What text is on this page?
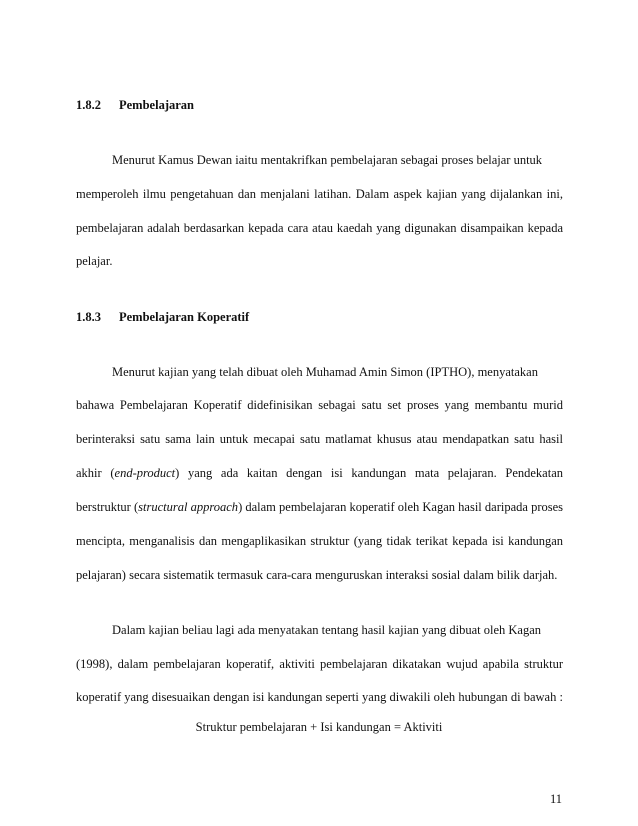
1.8.2 Pembelajaran
Menurut Kamus Dewan iaitu mentakrifkan pembelajaran sebagai proses belajar untuk
memperoleh ilmu pengetahuan dan menjalani latihan. Dalam aspek kajian yang dijalankan ini,
pembelajaran adalah berdasarkan kepada cara atau kaedah yang digunakan disampaikan kepada
pelajar.
1.8.3 Pembelajaran Koperatif
Menurut kajian yang telah dibuat oleh Muhamad Amin Simon (IPTHO), menyatakan
bahawa Pembelajaran Koperatif didefinisikan sebagai satu set proses yang membantu murid
berinteraksi satu sama lain untuk mecapai satu matlamat khusus atau mendapatkan satu hasil
akhir (end-product) yang ada kaitan dengan isi kandungan mata pelajaran. Pendekatan
berstruktur (structural approach) dalam pembelajaran koperatif oleh Kagan hasil daripada proses
mencipta, menganalisis dan mengaplikasikan struktur (yang tidak terikat kepada isi kandungan
pelajaran) secara sistematik termasuk cara-cara menguruskan interaksi sosial dalam bilik darjah.
Dalam kajian beliau lagi ada menyatakan tentang hasil kajian yang dibuat oleh Kagan
(1998), dalam pembelajaran koperatif, aktiviti pembelajaran dikatakan wujud apabila struktur
koperatif yang disesuaikan dengan isi kandungan seperti yang diwakili oleh hubungan di bawah :
Struktur pembelajaran + Isi kandungan = Aktiviti
11
